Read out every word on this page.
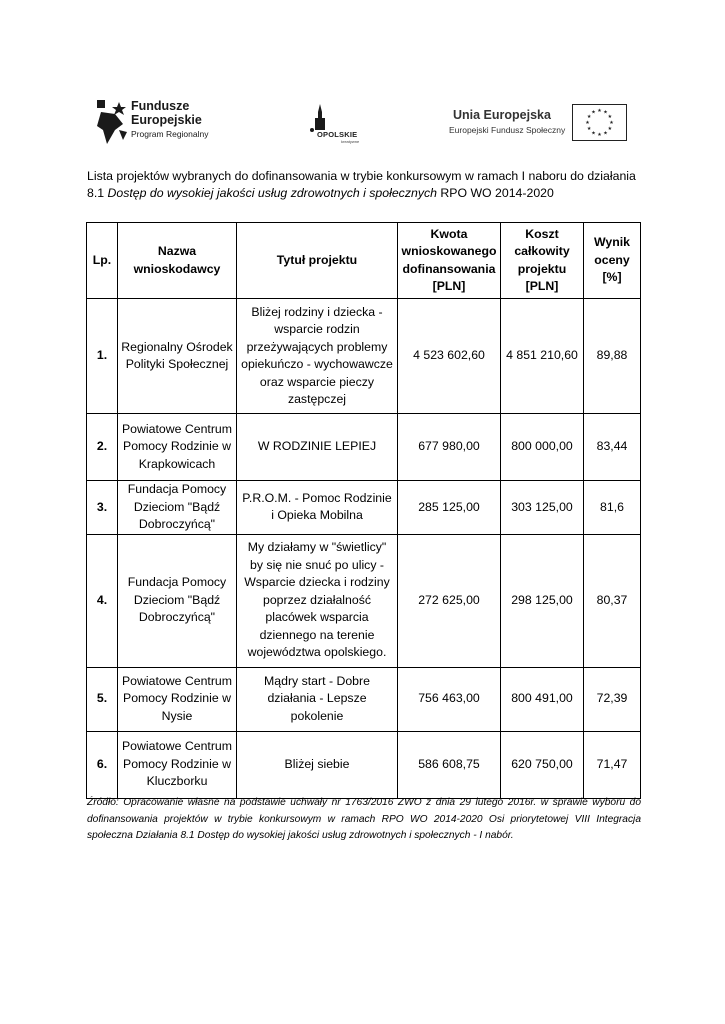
Fundusze
Europejskie
Program Regionalny	OPOLSKIE
kreatywne
Unia Europejska
Europejski Fundusz Społeczny
★ ★
★
★
★
★
★
★
★
★
★
★
Lista projektów wybranych do dofinansowania w trybie konkursowym w ramach I naboru do działania 8.1 Dostęp do wysokiej jakości usług zdrowotnych i społecznych RPO WO 2014-2020
Lp.	Nazwa wnioskodawcy	Tytuł projektu	Kwota wnioskowanego dofinansowania [PLN]	Koszt całkowity projektu [PLN]	Wynik oceny [%]
1.	Regionalny Ośrodek Polityki Społecznej	Bliżej rodziny i dziecka - wsparcie rodzin przeżywających problemy opiekuńczo - wychowawcze oraz wsparcie pieczy zastępczej	4 523 602,60	4 851 210,60	89,88
2.	Powiatowe Centrum Pomocy Rodzinie w Krapkowicach	W RODZINIE LEPIEJ	677 980,00	800 000,00	83,44
3.	Fundacja Pomocy Dzieciom "Bądź Dobroczyńcą"	P.R.O.M. - Pomoc Rodzinie i Opieka Mobilna	285 125,00	303 125,00	81,6
4.	Fundacja Pomocy Dzieciom "Bądź Dobroczyńcą"	My działamy w "świetlicy" by się nie snuć po ulicy - Wsparcie dziecka i rodziny poprzez działalność placówek wsparcia dziennego na terenie województwa opolskiego.	272 625,00	298 125,00	80,37
5.	Powiatowe Centrum Pomocy Rodzinie w Nysie	Mądry start - Dobre działania - Lepsze pokolenie	756 463,00	800 491,00	72,39
6.	Powiatowe Centrum Pomocy Rodzinie w Kluczborku	Bliżej siebie	586 608,75	620 750,00	71,47
Źródło: Opracowanie własne na podstawie uchwały nr 1763/2016 ZWO z dnia 29 lutego 2016r. w sprawie wyboru do dofinansowania projektów w trybie konkursowym w ramach RPO WO 2014-2020 Osi priorytetowej VIII Integracja społeczna Działania 8.1 Dostęp do wysokiej jakości usług zdrowotnych i społecznych - I nabór.
